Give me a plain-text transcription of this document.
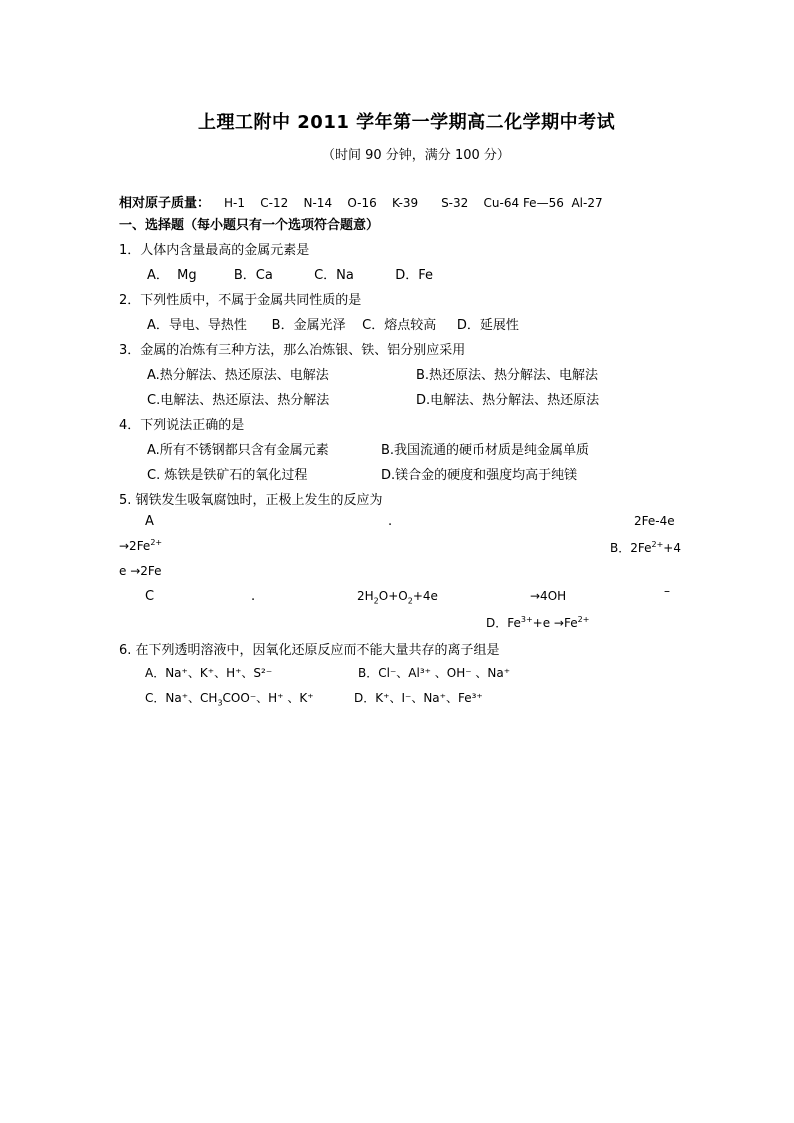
上理工附中 2011 学年第一学期高二化学期中考试
（时间 90 分钟，满分 100 分）
相对原子质量： H-1    C-12    N-14    O-16    K-39      S-32    Cu-64 Fe—56  Al-27
一、选择题（每小题只有一个选项符合题意）
1．人体内含量最高的金属元素是
A．  Mg         B．Ca          C．Na          D．Fe
2．下列性质中，不属于金属共同性质的是
A．导电、导热性      B．金属光泽    C．熔点较高     D．延展性
3．金属的冶炼有三种方法，那么冶炼银、铁、铝分别应采用
A.热分解法、热还原法、电解法	B.热还原法、热分解法、电解法
C.电解法、热还原法、热分解法	D.电解法、热分解法、热还原法
4．下列说法正确的是
A.所有不锈钢都只含有金属元素	B.我国流通的硬币材质是纯金属单质
C. 炼铁是铁矿石的氧化过程	D.镁合金的硬度和强度均高于纯镁
5. 钢铁发生吸氧腐蚀时，正极上发生的反应为
A	.	2Fe-4e
$\to 2Fe^{2+}$	B．$2Fe^{2+}+4$
e →2Fe
C	.	$2H_2O+O_2+4e$	→4OH	–
D．$Fe^{3+}+e \to Fe^{2+}$
6. 在下列透明溶液中，因氧化还原反应而不能大量共存的离子组是
A．Na⁺、K⁺、H⁺、S²⁻	B．Cl⁻、Al³⁺ 、OH⁻ 、Na⁺
C．Na⁺、$CH_3COO^-$、H⁺ 、K⁺	D．K⁺、I⁻、Na⁺、Fe³⁺
